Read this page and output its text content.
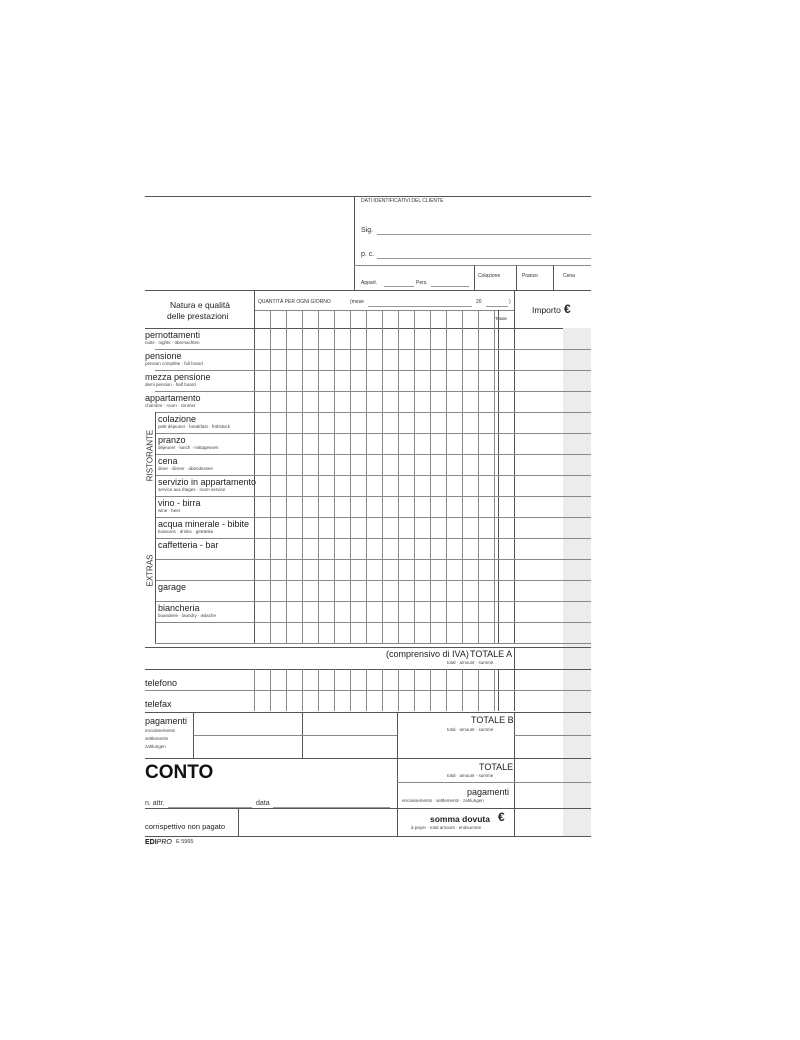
DATI IDENTIFICATIVI DEL CLIENTE
Sig.
p. c.
Appart.	Pers.
Colazione	Pranzo	Cena
Natura e qualità
delle prestazioni
QUANTITÀ PER OGNI GIORNO	(mese	20	)
Totale
Importo €
pernottamenti
nuits · nights · übernachten
pensione
pension complète · full board
mezza pensione
demi pension · half board
appartamento
chambre · room · zimmer
colazione
petit déjeuner · breakfast · frühstück
pranzo
déjeuner · lunch · mittagessen
cena
diner · dinner · abendessen
servizio in appartamento
service aux étages · room service
vino - birra
wine · beer
acqua minerale - bibite
boissons · drinks · getränke
caffetteria - bar
garage
biancheria
buanderie · laundry · wäsche
RISTORANTE
EXTRAS
(comprensivo di IVA) TOTALE A
total · amount · summe
telefono
telefax
pagamenti
encaissements
settlements
zahlungen
TOTALE B
total · amount · summe
CONTO
n. attr.	data
TOTALE
total · amount · summe
pagamenti
encaissements · settlements · zahlungen
corrispettivo non pagato
somma dovuta €
à payer · total amount · endsumme
EDIPRO E 5965
